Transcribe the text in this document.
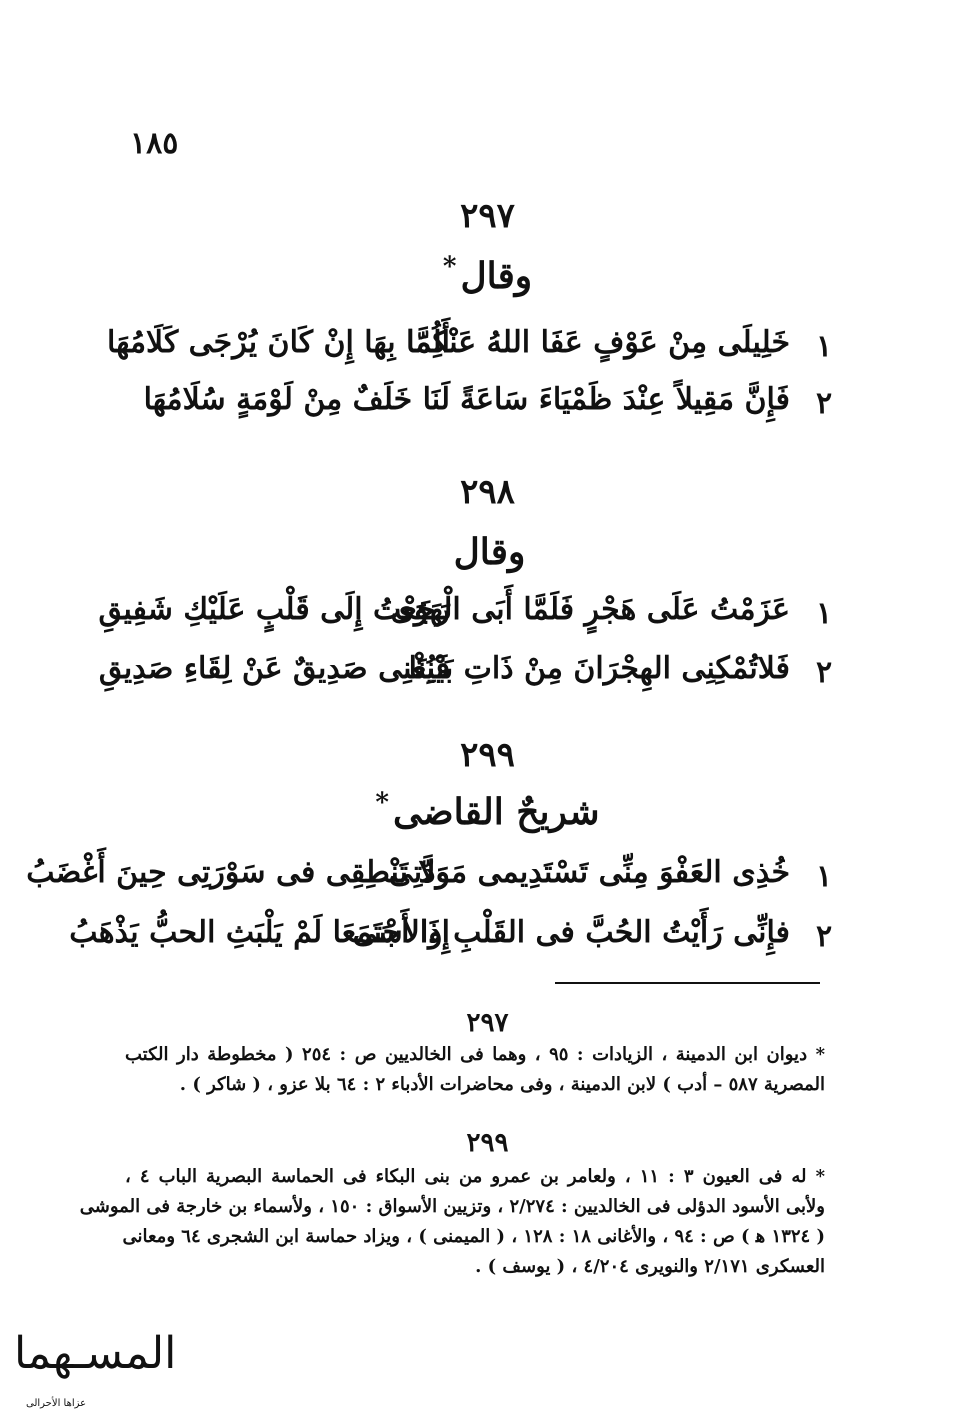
١٨٥
٢٩٧
وقال*
١
خَلِيلَى مِنْ عَوْفٍ عَفَا اللهُ عَنْكُمَا
أَلِمَّا بِهَا إِنْ كَانَ يُرْجَى كَلَامُهَا
٢
فَإِنَّ مَقِيلاً عِنْدَ ظَمْيَاءَ سَاعَةً
لَنَا خَلَفٌ مِنْ لَوْمَةٍ سُلَامُهَا
٢٩٨
وقال
١
عَزَمْتُ عَلَى هَجْرٍ فَلَمَّا أَبَى الْهَوَى
رَجَعْتُ إِلَى قَلْبٍ عَلَيْكِ شَفِيقِ
٢
فَلاتُمْكِنِى الهِجْرَانَ مِنْ ذَاتِ بَيْنِنَا
فَيُغْنِى صَدِيقٌ عَنْ لِقَاءِ صَدِيقِ
٢٩٩
شريحٌ القاضى*
١
خُذِى العَفْوَ مِنِّى تَسْتَدِيمى مَوَدَّتِى
وَلا تَنْطِقِى فى سَوْرَتِى حِينَ أَغْضَبُ
٢
فإِنِّى رَأَيْتُ الحُبَّ فى القَلْبِ والأَسَى
إِذَا اجْتَمَعَا لَمْ يَلْبَثِ الحبُّ يَذْهَبُ
٢٩٧
* ديوان ابن الدمينة ، الزيادات : ٩٥ ، وهما فى الخالديين ص : ٢٥٤ ( مخطوطة دار الكتب
المصرية ٥٨٧ – أدب ) لابن الدمينة ، وفى محاضرات الأدباء ٢ : ٦٤ بلا عزو ، ( شاكر ) .
٢٩٩
* له فى العيون ٣ : ١١ ، ولعامر بن عمرو من بنى البكاء فى الحماسة البصرية الباب ٤ ،
ولأبى الأسود الدؤلى فى الخالديين : ٢/٢٧٤ ، وتزيين الأسواق : ١٥٠ ، ولأسماء بن خارجة فى الموشى
( ١٣٢٤ ﻫ ) ص : ٩٤ ، والأغانى ١٨ : ١٢٨ ، ( الميمنى ) ، ويزاد حماسة ابن الشجرى ٦٤ ومعانى
العسكرى ٢/١٧١ والنويرى ٤/٢٠٤ ، ( يوسف ) .
المسـهما
عزاها الأحرالى
